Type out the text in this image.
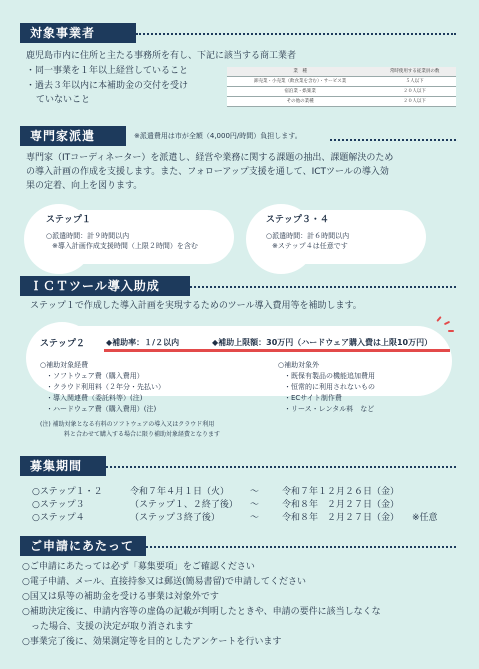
対象事業者
鹿児島市内に住所と主たる事務所を有し、下記に該当する商工業者
・同一事業を１年以上経営していること
・過去３年以内に本補助金の交付を受け
ていないこと
業　種	常時使用する従業員の数
卸売業・小売業（飲食業を含む）・サービス業	５人以下
宿泊業・娯楽業	２０人以下
その他の業種	２０人以下
専門家派遣	※派遣費用は市が全額（4,000円/時間）負担します。
専門家（ITコーディネーター）を派遣し、経営や業務に関する課題の抽出、課題解決のため
の導入計画の作成を支援します。また、フォローアップ支援を通して、ICTツールの導入効
果の定着、向上を図ります。
ステップ１
○派遣時間：計９時間以内
※導入計画作成支援時間（上限２時間）を含む
ステップ３・４
○派遣時間：計６時間以内
※ステップ４は任意です
ＩＣＴツール導入助成
ステップ１で作成した導入計画を実現するためのツール導入費用等を補助します。
ステップ２	◆補助率：１/２以内	◆補助上限額：30万円（ハードウェア購入費は上限10万円）
○補助対象経費
・ソフトウェア費（購入費用）
・クラウド利用料（２年分・先払い）
・導入関連費（委託料等）(注)
・ハードウェア費（購入費用）(注)
○補助対象外
・既保有製品の機能追加費用
・恒常的に利用されないもの
・ECサイト制作費
・リース・レンタル料　など
(注) 補助対象となる有料のソフトウェアの導入又はクラウド利用
料と合わせて購入する場合に限り補助対象経費となります
募集期間
○ステップ１・２	令和７年４月１日（火） 〜	令和７年１２月２６日（金）
○ステップ３	（ステップ１、２終了後） 〜	令和８年　２月２７日（金）
○ステップ４	（ステップ３終了後）	〜	令和８年　２月２７日（金） ※任意
ご申請にあたって
○ご申請にあたっては必ず「募集要項」をご確認ください
○電子申請、メール、直接持参又は郵送(簡易書留)で申請してください
○国又は県等の補助金を受ける事業は対象外です
○補助決定後に、申請内容等の虚偽の記載が判明したときや、申請の要件に該当しなくな
　った場合、支援の決定が取り消されます
○事業完了後に、効果測定等を目的としたアンケートを行います
